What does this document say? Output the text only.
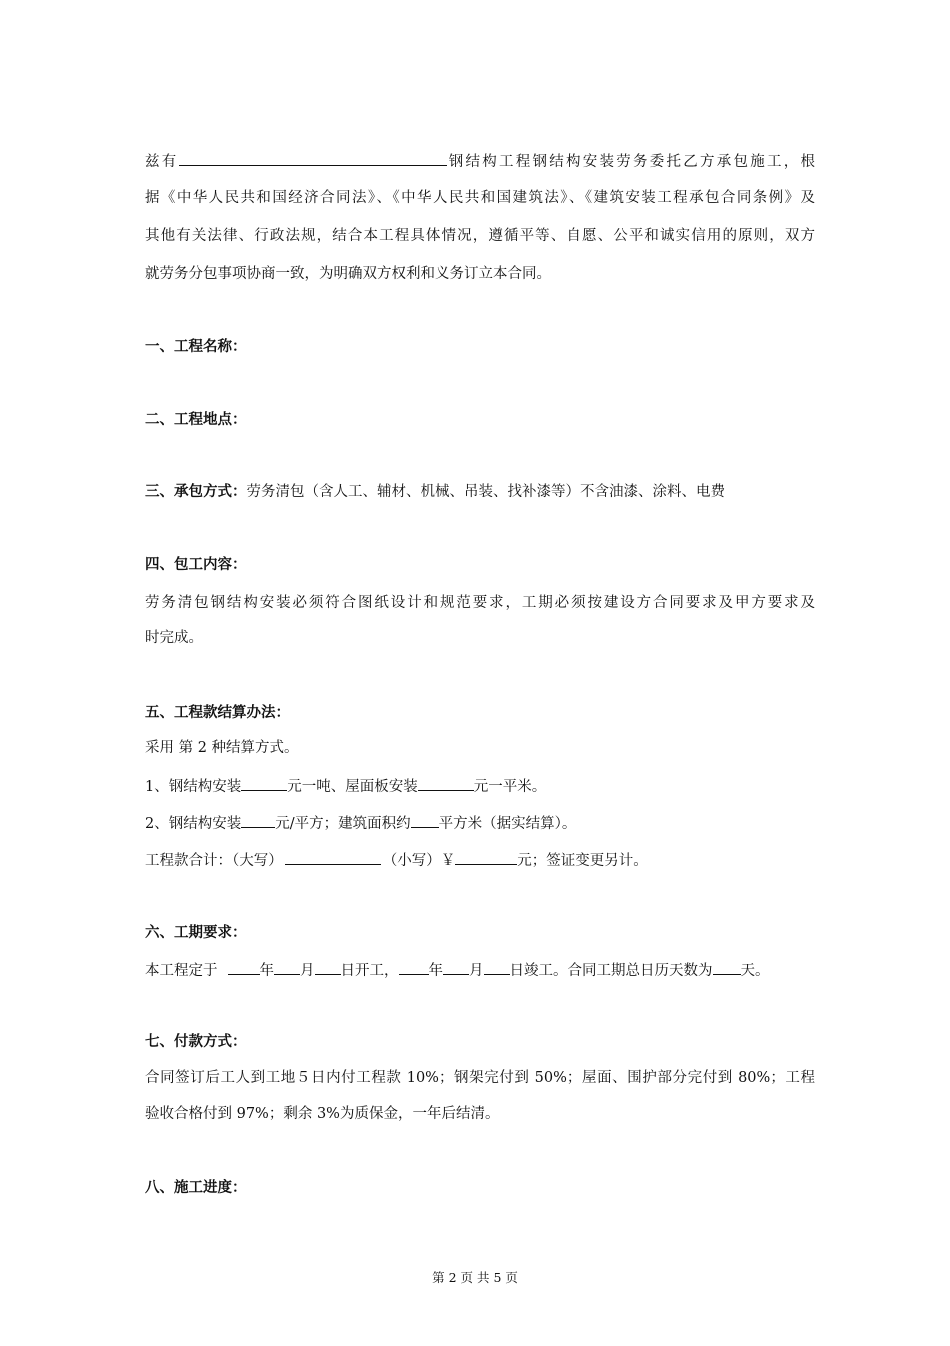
兹有	钢结构工程钢结构安装劳务委托乙方承包施工，根
据《中华人民共和国经济合同法》、《中华人民共和国建筑法》、《建筑安装工程承包合同条例》及
其他有关法律、行政法规，结合本工程具体情况，遵循平等、自愿、公平和诚实信用的原则，双方
就劳务分包事项协商一致，为明确双方权利和义务订立本合同。
一、工程名称：
二、工程地点：
三、承包方式：劳务清包（含人工、辅材、机械、吊装、找补漆等）不含油漆、涂料、电费
四、包工内容：
劳务清包钢结构安装必须符合图纸设计和规范要求，工期必须按建设方合同要求及甲方要求及
时完成。
五、工程款结算办法：
采用 第 2 种结算方式。
1、钢结构安装	元一吨、屋面板安装	元一平米。
2、钢结构安装 元/平方；建筑面积约 平方米（据实结算）。
工程款合计：（大写）	（小写）￥	元；签证变更另计。
六、工期要求：
本工程定于	年 月 日开工， 年 月 日竣工。合同工期总日历天数为 天。
七、付款方式：
合同签订后工人到工地５日内付工程款 10%；钢架完付到 50%；屋面、围护部分完付到 80%；工程
验收合格付到 97%；剩余 3%为质保金，一年后结清。
八、施工进度：
第 2 页 共 5 页
